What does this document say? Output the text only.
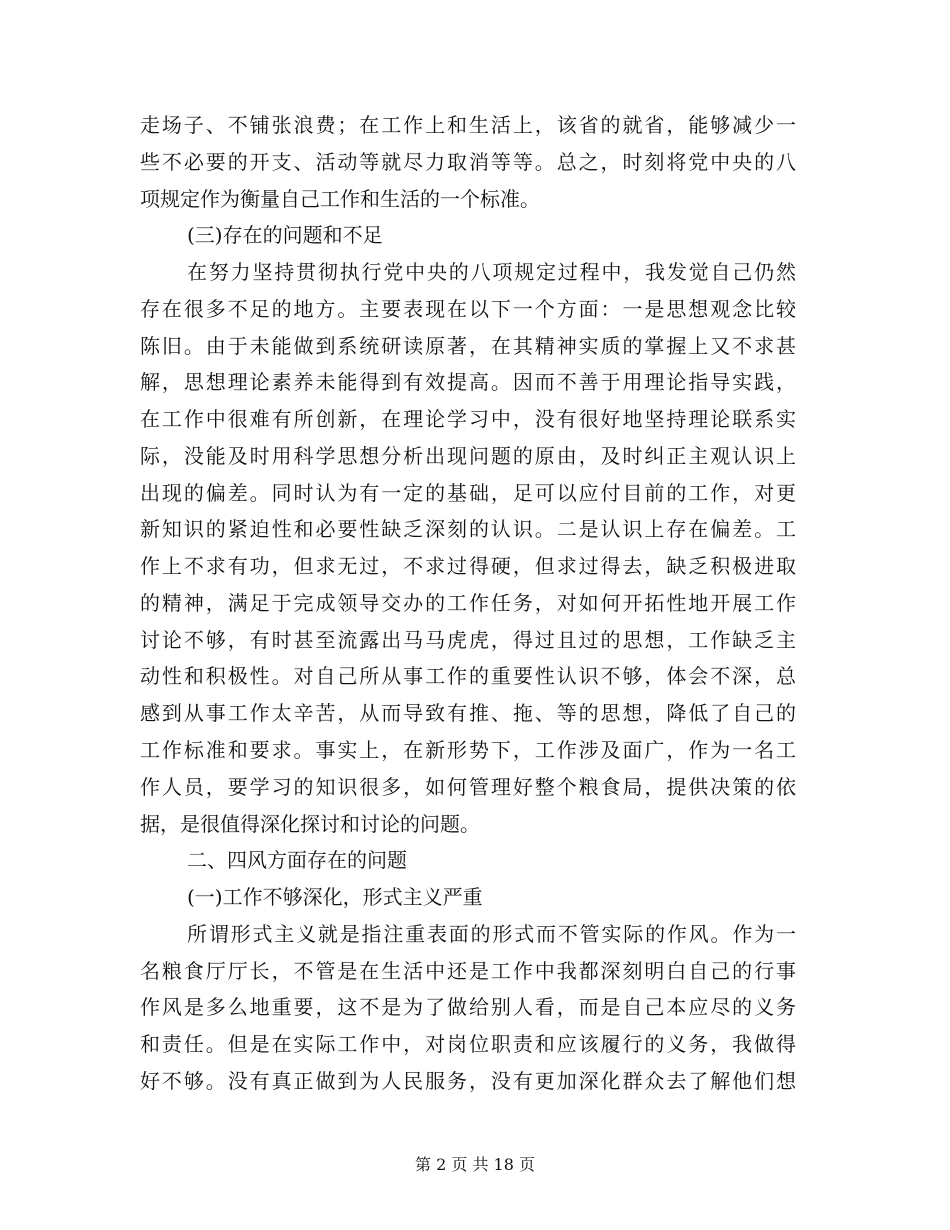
走场子、不铺张浪费；在工作上和生活上，该省的就省，能够减少一
些不必要的开支、活动等就尽力取消等等。总之，时刻将党中央的八
项规定作为衡量自己工作和生活的一个标准。
(三)存在的问题和不足
在努力坚持贯彻执行党中央的八项规定过程中，我发觉自己仍然
存在很多不足的地方。主要表现在以下一个方面：一是思想观念比较
陈旧。由于未能做到系统研读原著，在其精神实质的掌握上又不求甚
解，思想理论素养未能得到有效提高。因而不善于用理论指导实践，
在工作中很难有所创新，在理论学习中，没有很好地坚持理论联系实
际，没能及时用科学思想分析出现问题的原由，及时纠正主观认识上
出现的偏差。同时认为有一定的基础，足可以应付目前的工作，对更
新知识的紧迫性和必要性缺乏深刻的认识。二是认识上存在偏差。工
作上不求有功，但求无过，不求过得硬，但求过得去，缺乏积极进取
的精神，满足于完成领导交办的工作任务，对如何开拓性地开展工作
讨论不够，有时甚至流露出马马虎虎，得过且过的思想，工作缺乏主
动性和积极性。对自己所从事工作的重要性认识不够，体会不深，总
感到从事工作太辛苦，从而导致有推、拖、等的思想，降低了自己的
工作标准和要求。事实上，在新形势下，工作涉及面广，作为一名工
作人员，要学习的知识很多，如何管理好整个粮食局，提供决策的依
据，是很值得深化探讨和讨论的问题。
二、四风方面存在的问题
(一)工作不够深化，形式主义严重
所谓形式主义就是指注重表面的形式而不管实际的作风。作为一
名粮食厅厅长，不管是在生活中还是工作中我都深刻明白自己的行事
作风是多么地重要，这不是为了做给别人看，而是自己本应尽的义务
和责任。但是在实际工作中，对岗位职责和应该履行的义务，我做得
好不够。没有真正做到为人民服务，没有更加深化群众去了解他们想
第 2 页 共 18 页
